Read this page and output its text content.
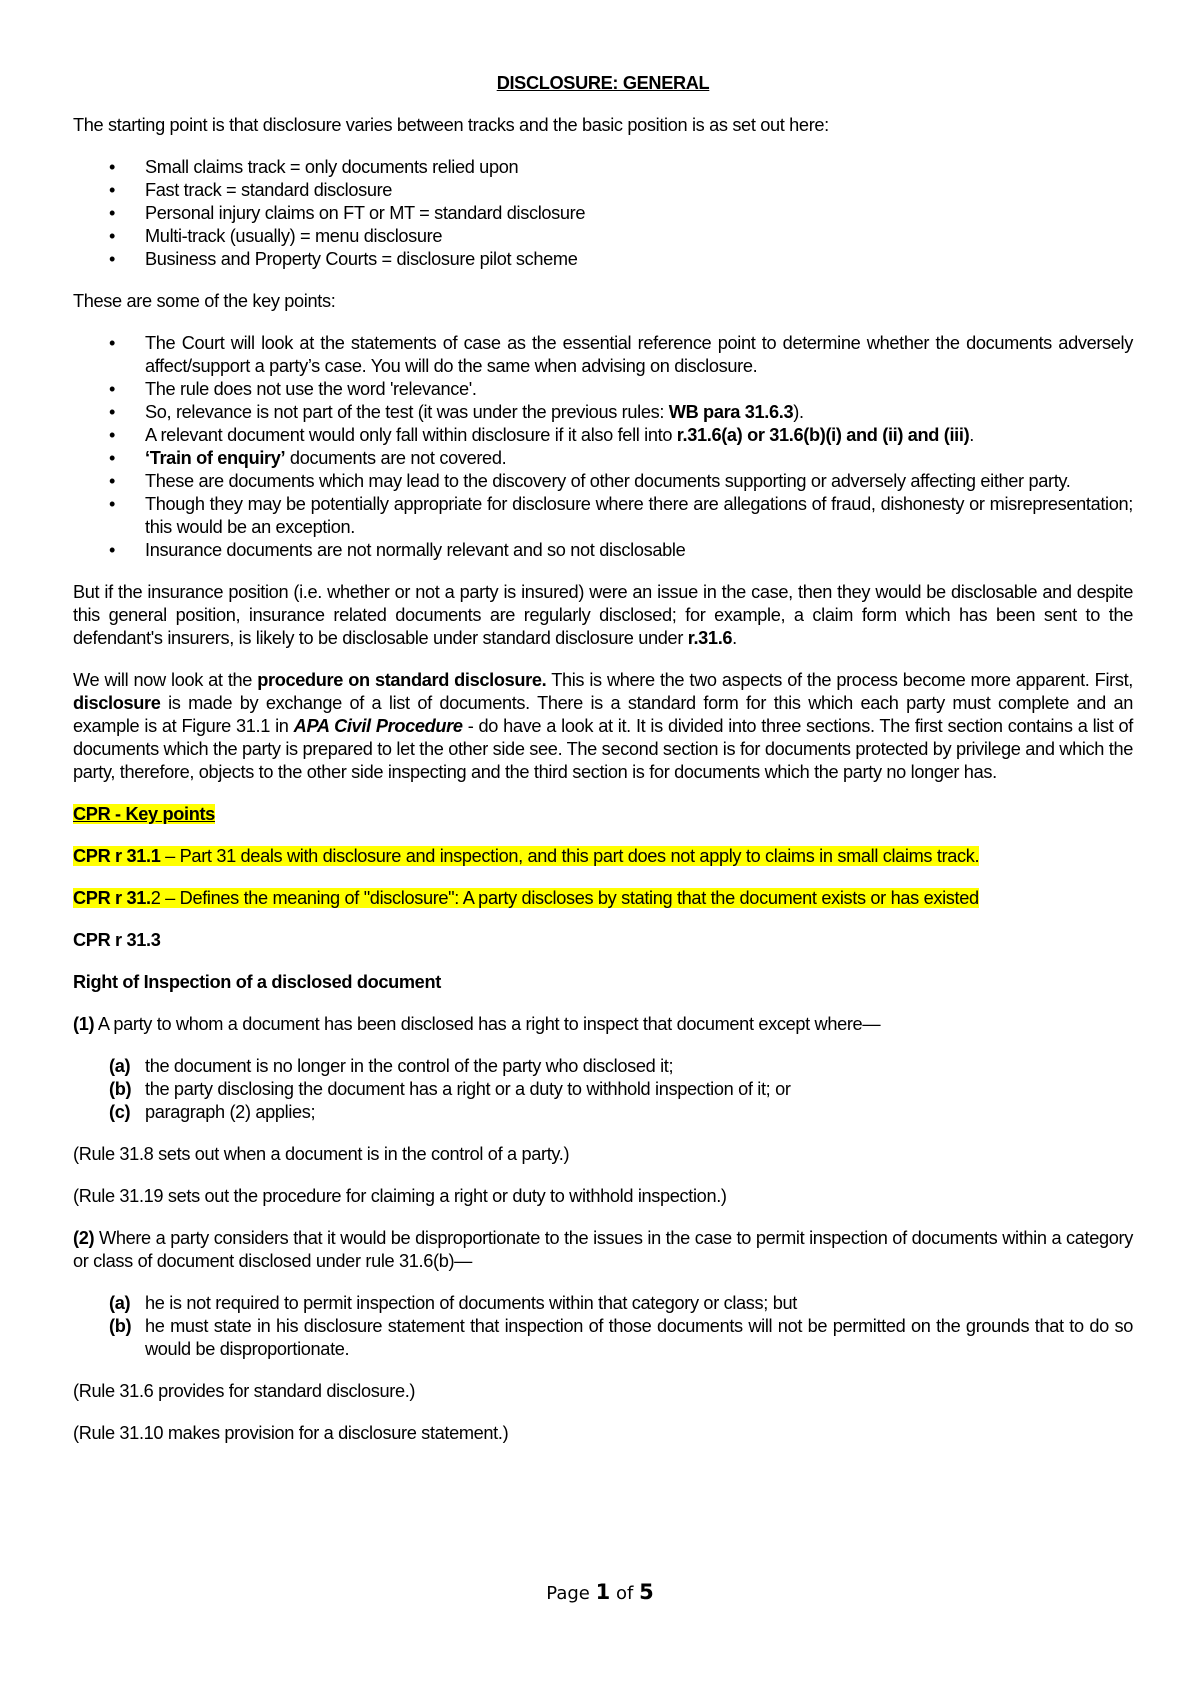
DISCLOSURE: GENERAL

The starting point is that disclosure varies between tracks and the basic position is as set out here:

• Small claims track = only documents relied upon
• Fast track = standard disclosure
• Personal injury claims on FT or MT = standard disclosure
• Multi-track (usually) = menu disclosure
• Business and Property Courts = disclosure pilot scheme

These are some of the key points:

• The Court will look at the statements of case as the essential reference point to determine whether the documents adversely affect/support a party’s case. You will do the same when advising on disclosure.
• The rule does not use the word 'relevance'.
• So, relevance is not part of the test (it was under the previous rules: WB para 31.6.3).
• A relevant document would only fall within disclosure if it also fell into r.31.6(a) or 31.6(b)(i) and (ii) and (iii).
• ‘Train of enquiry’ documents are not covered.
• These are documents which may lead to the discovery of other documents supporting or adversely affecting either party.
• Though they may be potentially appropriate for disclosure where there are allegations of fraud, dishonesty or misrepresentation; this would be an exception.
• Insurance documents are not normally relevant and so not disclosable

But if the insurance position (i.e. whether or not a party is insured) were an issue in the case, then they would be disclosable and despite this general position, insurance related documents are regularly disclosed; for example, a claim form which has been sent to the defendant's insurers, is likely to be disclosable under standard disclosure under r.31.6.

We will now look at the procedure on standard disclosure. This is where the two aspects of the process become more apparent. First, disclosure is made by exchange of a list of documents. There is a standard form for this which each party must complete and an example is at Figure 31.1 in APA Civil Procedure - do have a look at it. It is divided into three sections. The first section contains a list of documents which the party is prepared to let the other side see. The second section is for documents protected by privilege and which the party, therefore, objects to the other side inspecting and the third section is for documents which the party no longer has.

CPR - Key points

CPR r 31.1 – Part 31 deals with disclosure and inspection, and this part does not apply to claims in small claims track.

CPR r 31.2 – Defines the meaning of "disclosure": A party discloses by stating that the document exists or has existed

CPR r 31.3

Right of Inspection of a disclosed document

(1) A party to whom a document has been disclosed has a right to inspect that document except where—

(a) the document is no longer in the control of the party who disclosed it;
(b) the party disclosing the document has a right or a duty to withhold inspection of it; or
(c) paragraph (2) applies;

(Rule 31.8 sets out when a document is in the control of a party.)

(Rule 31.19 sets out the procedure for claiming a right or duty to withhold inspection.)

(2) Where a party considers that it would be disproportionate to the issues in the case to permit inspection of documents within a category or class of document disclosed under rule 31.6(b)—

(a) he is not required to permit inspection of documents within that category or class; but
(b) he must state in his disclosure statement that inspection of those documents will not be permitted on the grounds that to do so would be disproportionate.

(Rule 31.6 provides for standard disclosure.)

(Rule 31.10 makes provision for a disclosure statement.)

Page 1 of 5
